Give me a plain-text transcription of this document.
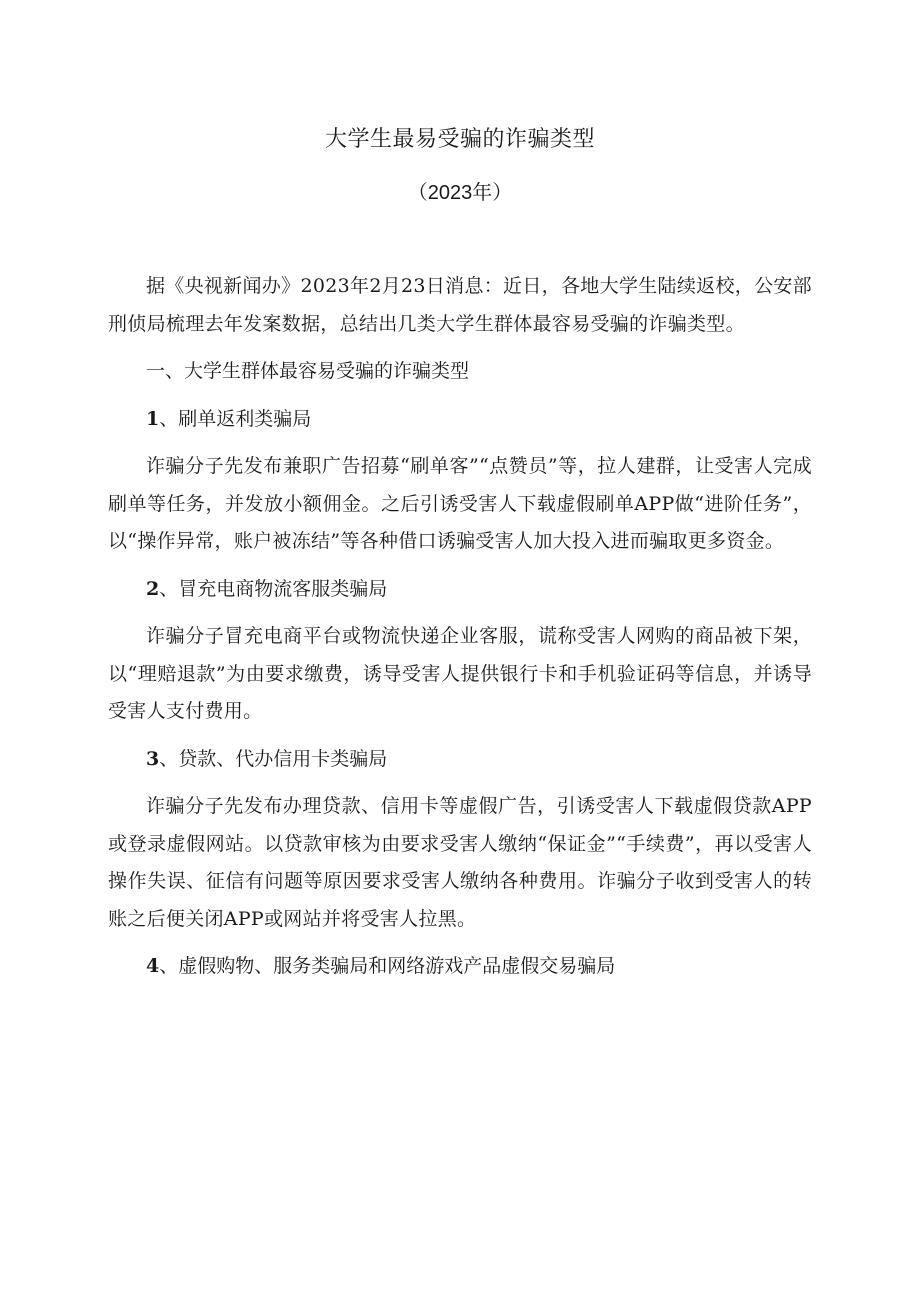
大学生最易受骗的诈骗类型
（2023年）

据《央视新闻办》2023年2月23日消息：近日，各地大学生陆续返校，公安部刑侦局梳理去年发案数据，总结出几类大学生群体最容易受骗的诈骗类型。

一、大学生群体最容易受骗的诈骗类型

1、刷单返利类骗局

诈骗分子先发布兼职广告招募“刷单客”“点赞员”等，拉人建群，让受害人完成刷单等任务，并发放小额佣金。之后引诱受害人下载虚假刷单APP做“进阶任务”，以“操作异常，账户被冻结”等各种借口诱骗受害人加大投入进而骗取更多资金。

2、冒充电商物流客服类骗局

诈骗分子冒充电商平台或物流快递企业客服，谎称受害人网购的商品被下架，以“理赔退款”为由要求缴费，诱导受害人提供银行卡和手机验证码等信息，并诱导受害人支付费用。

3、贷款、代办信用卡类骗局

诈骗分子先发布办理贷款、信用卡等虚假广告，引诱受害人下载虚假贷款APP或登录虚假网站。以贷款审核为由要求受害人缴纳“保证金”“手续费”，再以受害人操作失误、征信有问题等原因要求受害人缴纳各种费用。诈骗分子收到受害人的转账之后便关闭APP或网站并将受害人拉黑。

4、虚假购物、服务类骗局和网络游戏产品虚假交易骗局
